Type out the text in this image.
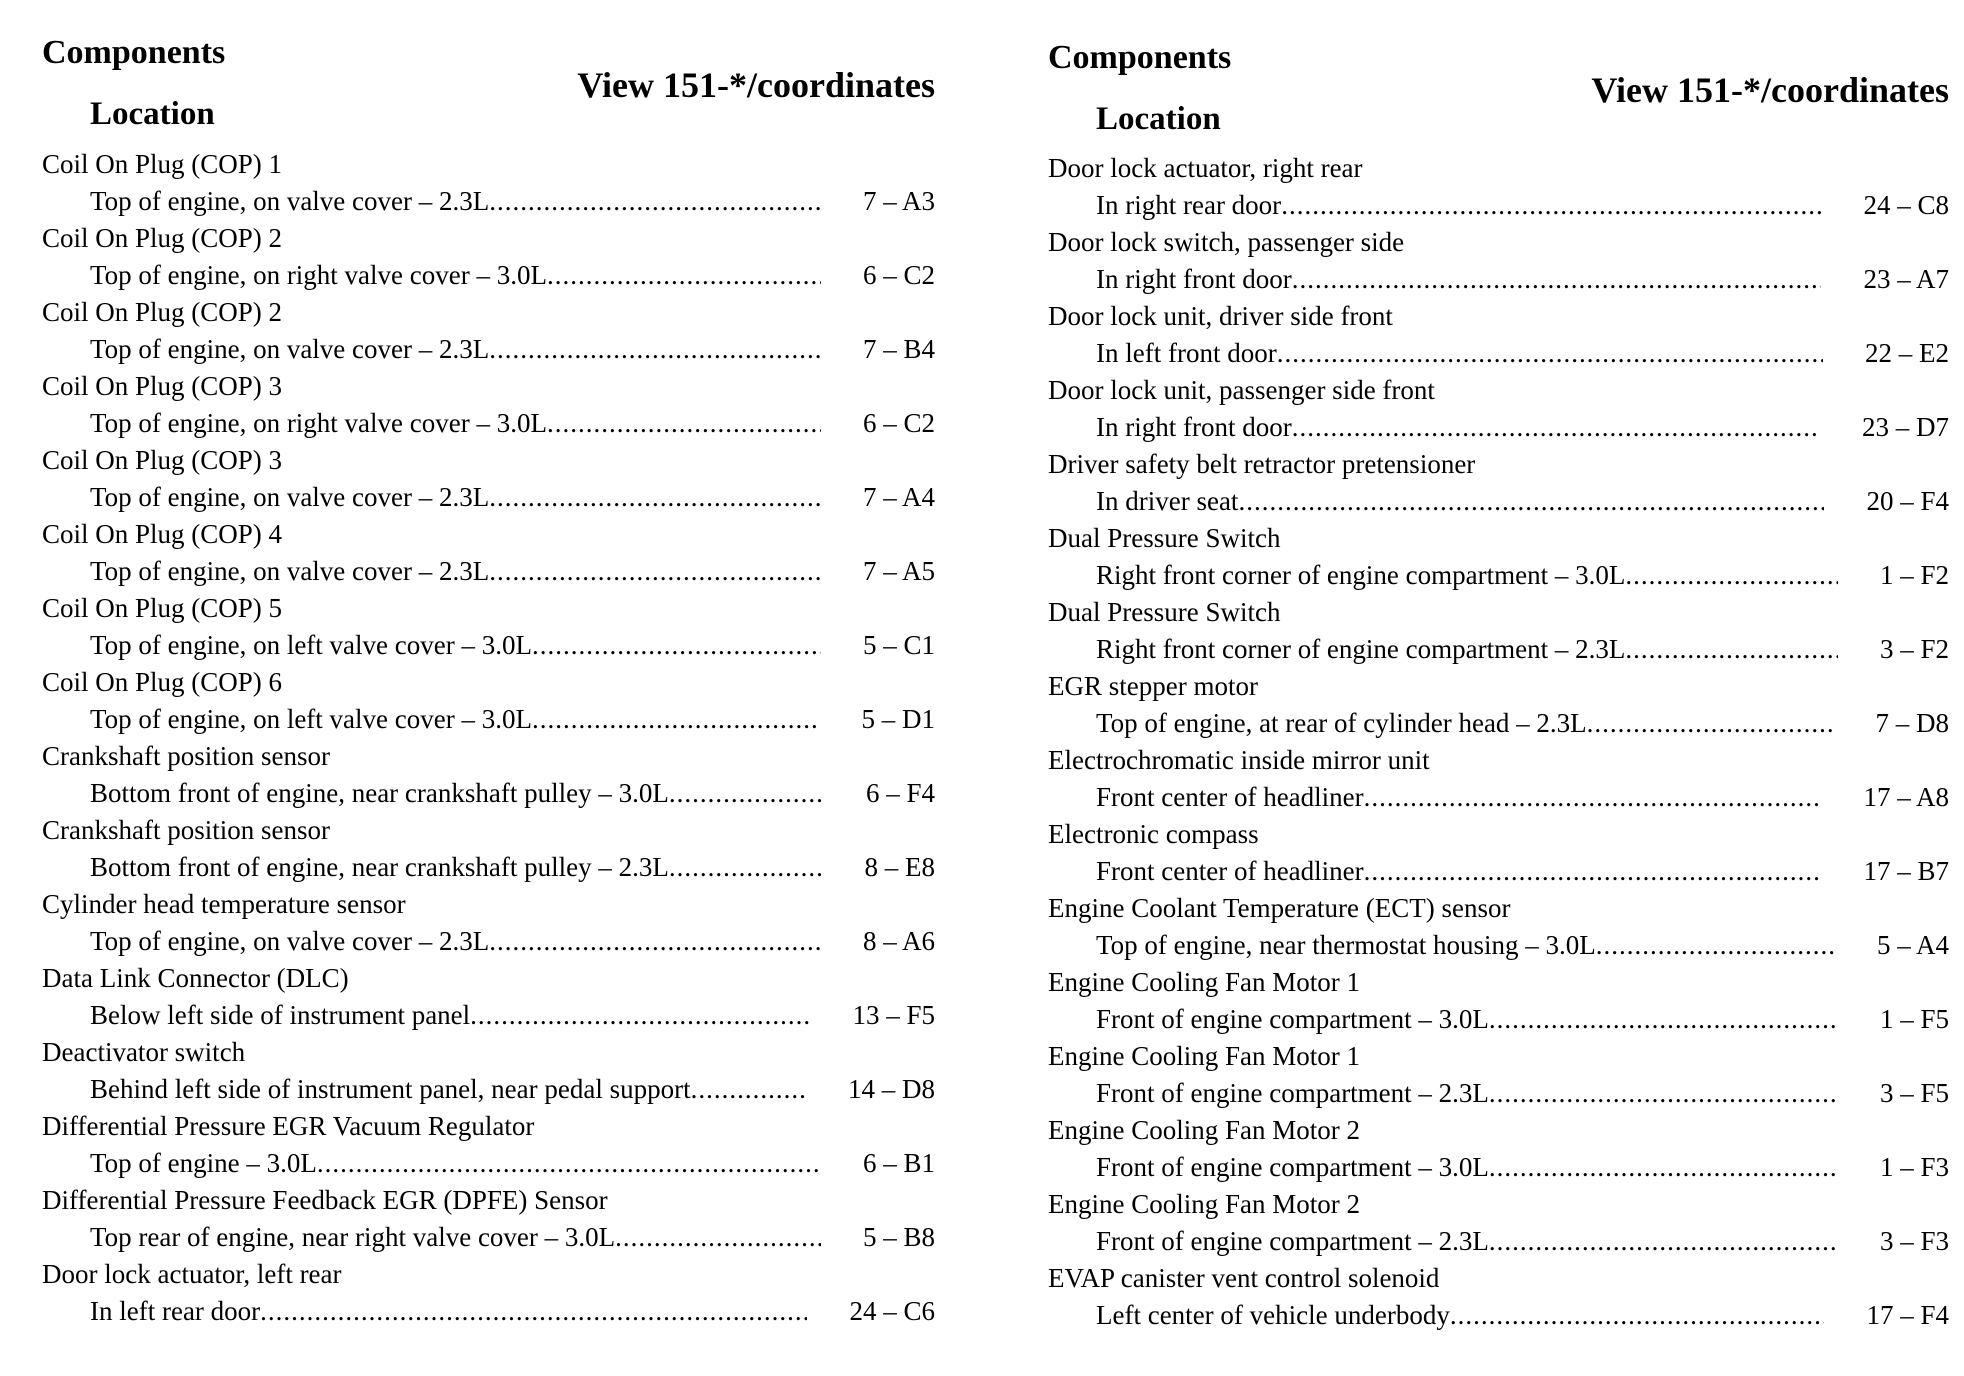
Components
View 151-*/coordinates
Location
Coil On Plug (COP) 1
Top of engine, on valve cover – 2.3L .....	7 – A3
Coil On Plug (COP) 2
Top of engine, on right valve cover – 3.0L .....	6 – C2
Coil On Plug (COP) 2
Top of engine, on valve cover – 2.3L .....	7 – B4
Coil On Plug (COP) 3
Top of engine, on right valve cover – 3.0L .....	6 – C2
Coil On Plug (COP) 3
Top of engine, on valve cover – 2.3L .....	7 – A4
Coil On Plug (COP) 4
Top of engine, on valve cover – 2.3L .....	7 – A5
Coil On Plug (COP) 5
Top of engine, on left valve cover – 3.0L .....	5 – C1
Coil On Plug (COP) 6
Top of engine, on left valve cover – 3.0L .....	5 – D1
Crankshaft position sensor
Bottom front of engine, near crankshaft pulley – 3.0L .....	6 – F4
Crankshaft position sensor
Bottom front of engine, near crankshaft pulley – 2.3L .....	8 – E8
Cylinder head temperature sensor
Top of engine, on valve cover – 2.3L .....	8 – A6
Data Link Connector (DLC)
Below left side of instrument panel .....	13 – F5
Deactivator switch
Behind left side of instrument panel, near pedal support .....	14 – D8
Differential Pressure EGR Vacuum Regulator
Top of engine – 3.0L .....	6 – B1
Differential Pressure Feedback EGR (DPFE) Sensor
Top rear of engine, near right valve cover – 3.0L .....	5 – B8
Door lock actuator, left rear
In left rear door .....	24 – C6
Components
View 151-*/coordinates
Location
Door lock actuator, right rear
In right rear door .....	24 – C8
Door lock switch, passenger side
In right front door .....	23 – A7
Door lock unit, driver side front
In left front door .....	22 – E2
Door lock unit, passenger side front
In right front door .....	23 – D7
Driver safety belt retractor pretensioner
In driver seat .....	20 – F4
Dual Pressure Switch
Right front corner of engine compartment – 3.0L .....	1 – F2
Dual Pressure Switch
Right front corner of engine compartment – 2.3L .....	3 – F2
EGR stepper motor
Top of engine, at rear of cylinder head – 2.3L .....	7 – D8
Electrochromatic inside mirror unit
Front center of headliner .....	17 – A8
Electronic compass
Front center of headliner .....	17 – B7
Engine Coolant Temperature (ECT) sensor
Top of engine, near thermostat housing – 3.0L .....	5 – A4
Engine Cooling Fan Motor 1
Front of engine compartment – 3.0L .....	1 – F5
Engine Cooling Fan Motor 1
Front of engine compartment – 2.3L .....	3 – F5
Engine Cooling Fan Motor 2
Front of engine compartment – 3.0L .....	1 – F3
Engine Cooling Fan Motor 2
Front of engine compartment – 2.3L .....	3 – F3
EVAP canister vent control solenoid
Left center of vehicle underbody .....	17 – F4
